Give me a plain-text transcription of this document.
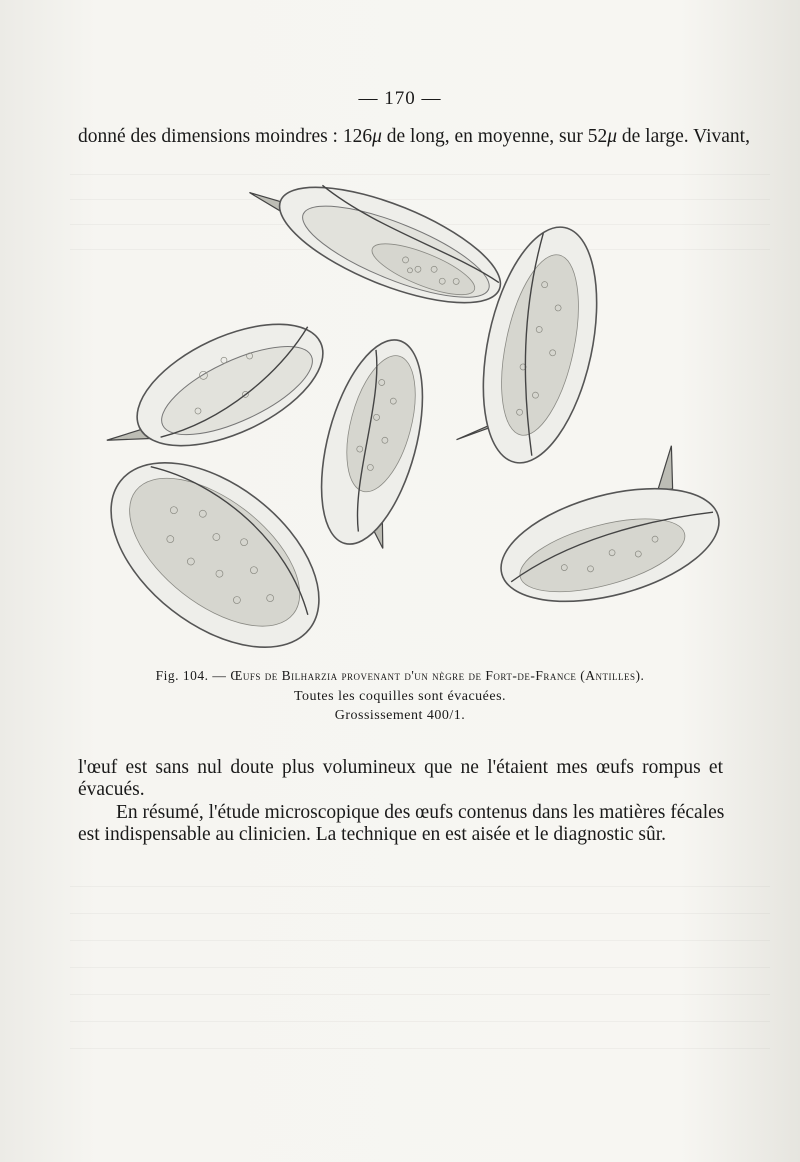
— 170 —
donné des dimensions moindres : 126μ de long, en moyenne, sur 52μ de large. Vivant,
Fig. 104. — Œufs de Bilharzia provenant d'un nègre de Fort-de-France (Antilles).
Toutes les coquilles sont évacuées.
Grossissement 400/1.
l'œuf est sans nul doute plus volumineux que ne l'étaient mes œufs rompus et
évacués.
En résumé, l'étude microscopique des œufs contenus dans les matières fécales
est indispensable au clinicien. La technique en est aisée et le diagnostic sûr.
